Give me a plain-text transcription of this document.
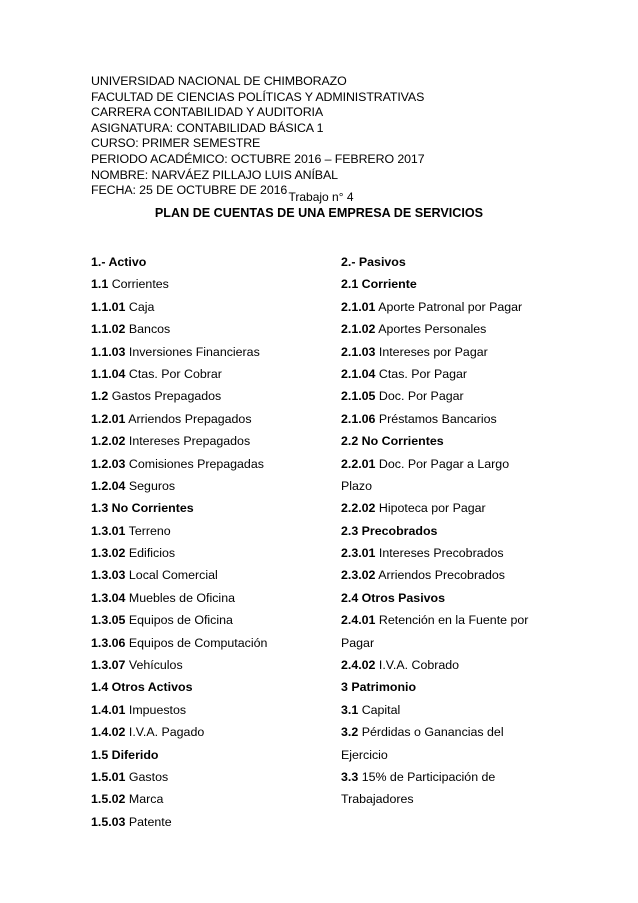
UNIVERSIDAD NACIONAL DE CHIMBORAZO
FACULTAD DE CIENCIAS POLÍTICAS Y ADMINISTRATIVAS
CARRERA CONTABILIDAD Y AUDITORIA
ASIGNATURA: CONTABILIDAD BÁSICA 1
CURSO: PRIMER SEMESTRE
PERIODO ACADÉMICO: OCTUBRE 2016 – FEBRERO 2017
NOMBRE: NARVÁEZ PILLAJO LUIS ANÍBAL
FECHA: 25 DE OCTUBRE DE 2016 Trabajo n° 4
PLAN DE CUENTAS DE UNA EMPRESA DE SERVICIOS
1.- Activo
1.1 Corrientes
1.1.01 Caja
1.1.02 Bancos
1.1.03 Inversiones Financieras
1.1.04 Ctas. Por Cobrar
1.2 Gastos Prepagados
1.2.01 Arriendos Prepagados
1.2.02 Intereses Prepagados
1.2.03 Comisiones Prepagadas
1.2.04 Seguros
1.3 No Corrientes
1.3.01 Terreno
1.3.02 Edificios
1.3.03 Local Comercial
1.3.04 Muebles de Oficina
1.3.05 Equipos de Oficina
1.3.06 Equipos de Computación
1.3.07 Vehículos
1.4 Otros Activos
1.4.01 Impuestos
1.4.02 I.V.A. Pagado
1.5 Diferido
1.5.01 Gastos
1.5.02 Marca
1.5.03 Patente
2.- Pasivos
2.1 Corriente
2.1.01 Aporte Patronal por Pagar
2.1.02 Aportes Personales
2.1.03 Intereses por Pagar
2.1.04 Ctas. Por Pagar
2.1.05 Doc. Por Pagar
2.1.06 Préstamos Bancarios
2.2 No Corrientes
2.2.01 Doc. Por Pagar a Largo
Plazo
2.2.02 Hipoteca por Pagar
2.3 Precobrados
2.3.01 Intereses Precobrados
2.3.02 Arriendos Precobrados
2.4 Otros Pasivos
2.4.01 Retención en la Fuente por
Pagar
2.4.02 I.V.A. Cobrado
3 Patrimonio
3.1 Capital
3.2 Pérdidas o Ganancias del
Ejercicio
3.3 15% de Participación de
Trabajadores
